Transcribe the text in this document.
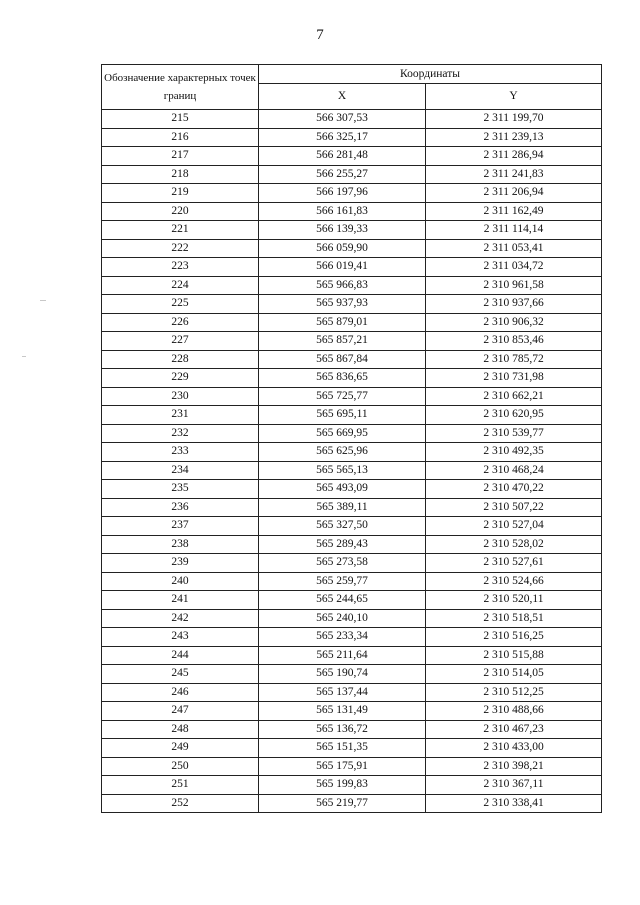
7
Обозначение характерных точек границ	Координаты	
	X	Y
215	566 307,53	2 311 199,70
216	566 325,17	2 311 239,13
217	566 281,48	2 311 286,94
218	566 255,27	2 311 241,83
219	566 197,96	2 311 206,94
220	566 161,83	2 311 162,49
221	566 139,33	2 311 114,14
222	566 059,90	2 311 053,41
223	566 019,41	2 311 034,72
224	565 966,83	2 310 961,58
225	565 937,93	2 310 937,66
226	565 879,01	2 310 906,32
227	565 857,21	2 310 853,46
228	565 867,84	2 310 785,72
229	565 836,65	2 310 731,98
230	565 725,77	2 310 662,21
231	565 695,11	2 310 620,95
232	565 669,95	2 310 539,77
233	565 625,96	2 310 492,35
234	565 565,13	2 310 468,24
235	565 493,09	2 310 470,22
236	565 389,11	2 310 507,22
237	565 327,50	2 310 527,04
238	565 289,43	2 310 528,02
239	565 273,58	2 310 527,61
240	565 259,77	2 310 524,66
241	565 244,65	2 310 520,11
242	565 240,10	2 310 518,51
243	565 233,34	2 310 516,25
244	565 211,64	2 310 515,88
245	565 190,74	2 310 514,05
246	565 137,44	2 310 512,25
247	565 131,49	2 310 488,66
248	565 136,72	2 310 467,23
249	565 151,35	2 310 433,00
250	565 175,91	2 310 398,21
251	565 199,83	2 310 367,11
252	565 219,77	2 310 338,41
